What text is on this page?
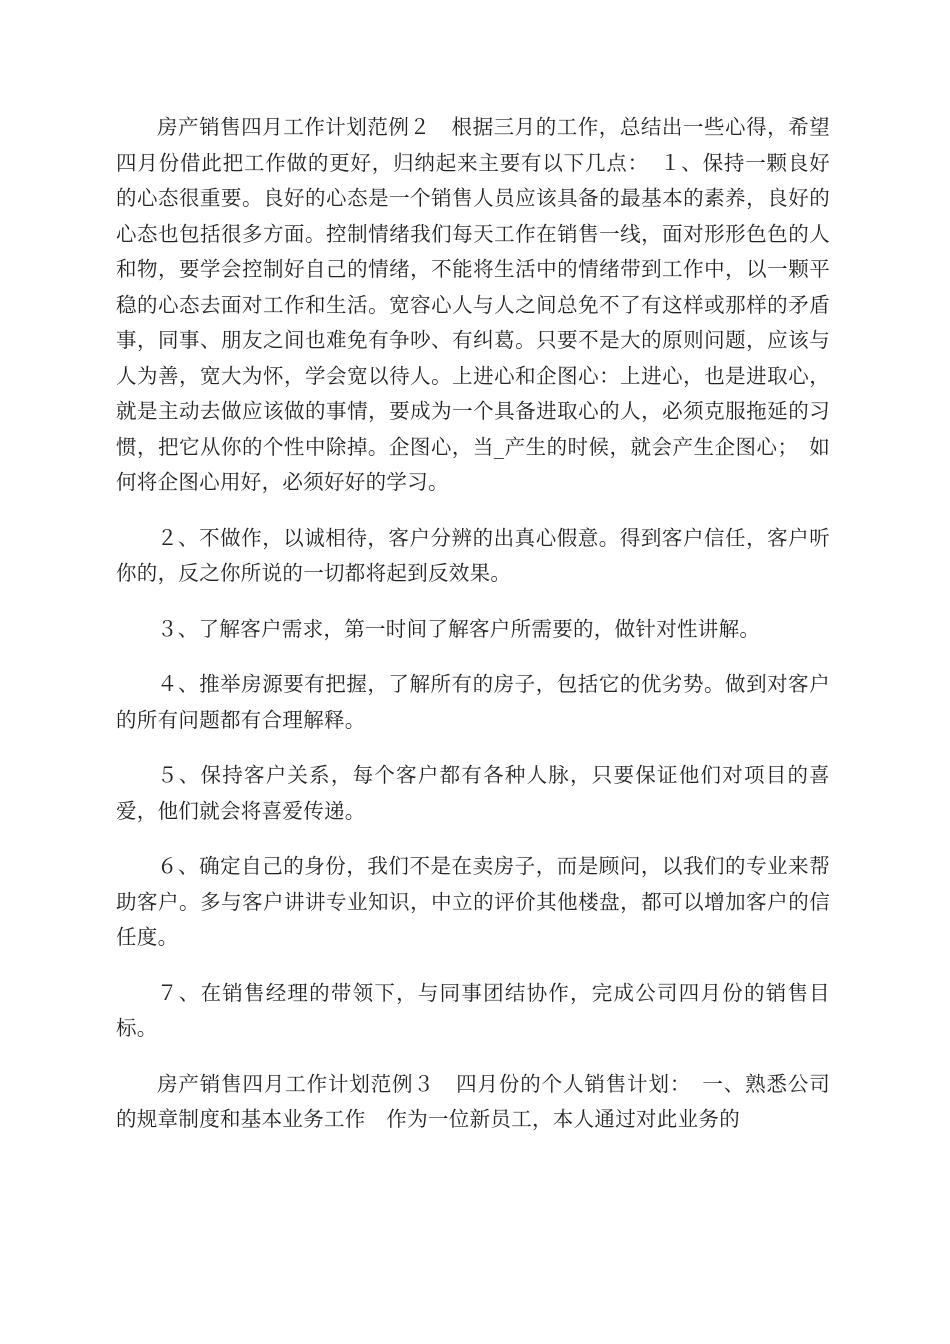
房产销售四月工作计划范例２　根据三月的工作，总结出一些心得，希望四月份借此把工作做的更好，归纳起来主要有以下几点：　１、保持一颗良好的心态很重要。良好的心态是一个销售人员应该具备的最基本的素养，良好的心态也包括很多方面。控制情绪我们每天工作在销售一线，面对形形色色的人和物，要学会控制好自己的情绪，不能将生活中的情绪带到工作中，以一颗平稳的心态去面对工作和生活。宽容心人与人之间总免不了有这样或那样的矛盾事，同事、朋友之间也难免有争吵、有纠葛。只要不是大的原则问题，应该与人为善，宽大为怀，学会宽以待人。上进心和企图心：上进心，也是进取心，就是主动去做应该做的事情，要成为一个具备进取心的人，必须克服拖延的习惯，把它从你的个性中除掉。企图心，当_产生的时候，就会产生企图心；　如何将企图心用好，必须好好的学习。

２、不做作，以诚相待，客户分辨的出真心假意。得到客户信任，客户听你的，反之你所说的一切都将起到反效果。

３、了解客户需求，第一时间了解客户所需要的，做针对性讲解。

４、推举房源要有把握，了解所有的房子，包括它的优劣势。做到对客户的所有问题都有合理解释。

５、保持客户关系，每个客户都有各种人脉，只要保证他们对项目的喜爱，他们就会将喜爱传递。

６、确定自己的身份，我们不是在卖房子，而是顾问，以我们的专业来帮助客户。多与客户讲讲专业知识，中立的评价其他楼盘，都可以增加客户的信任度。

７、在销售经理的带领下，与同事团结协作，完成公司四月份的销售目标。

房产销售四月工作计划范例３　四月份的个人销售计划：　一、熟悉公司的规章制度和基本业务工作　作为一位新员工，本人通过对此业务的
